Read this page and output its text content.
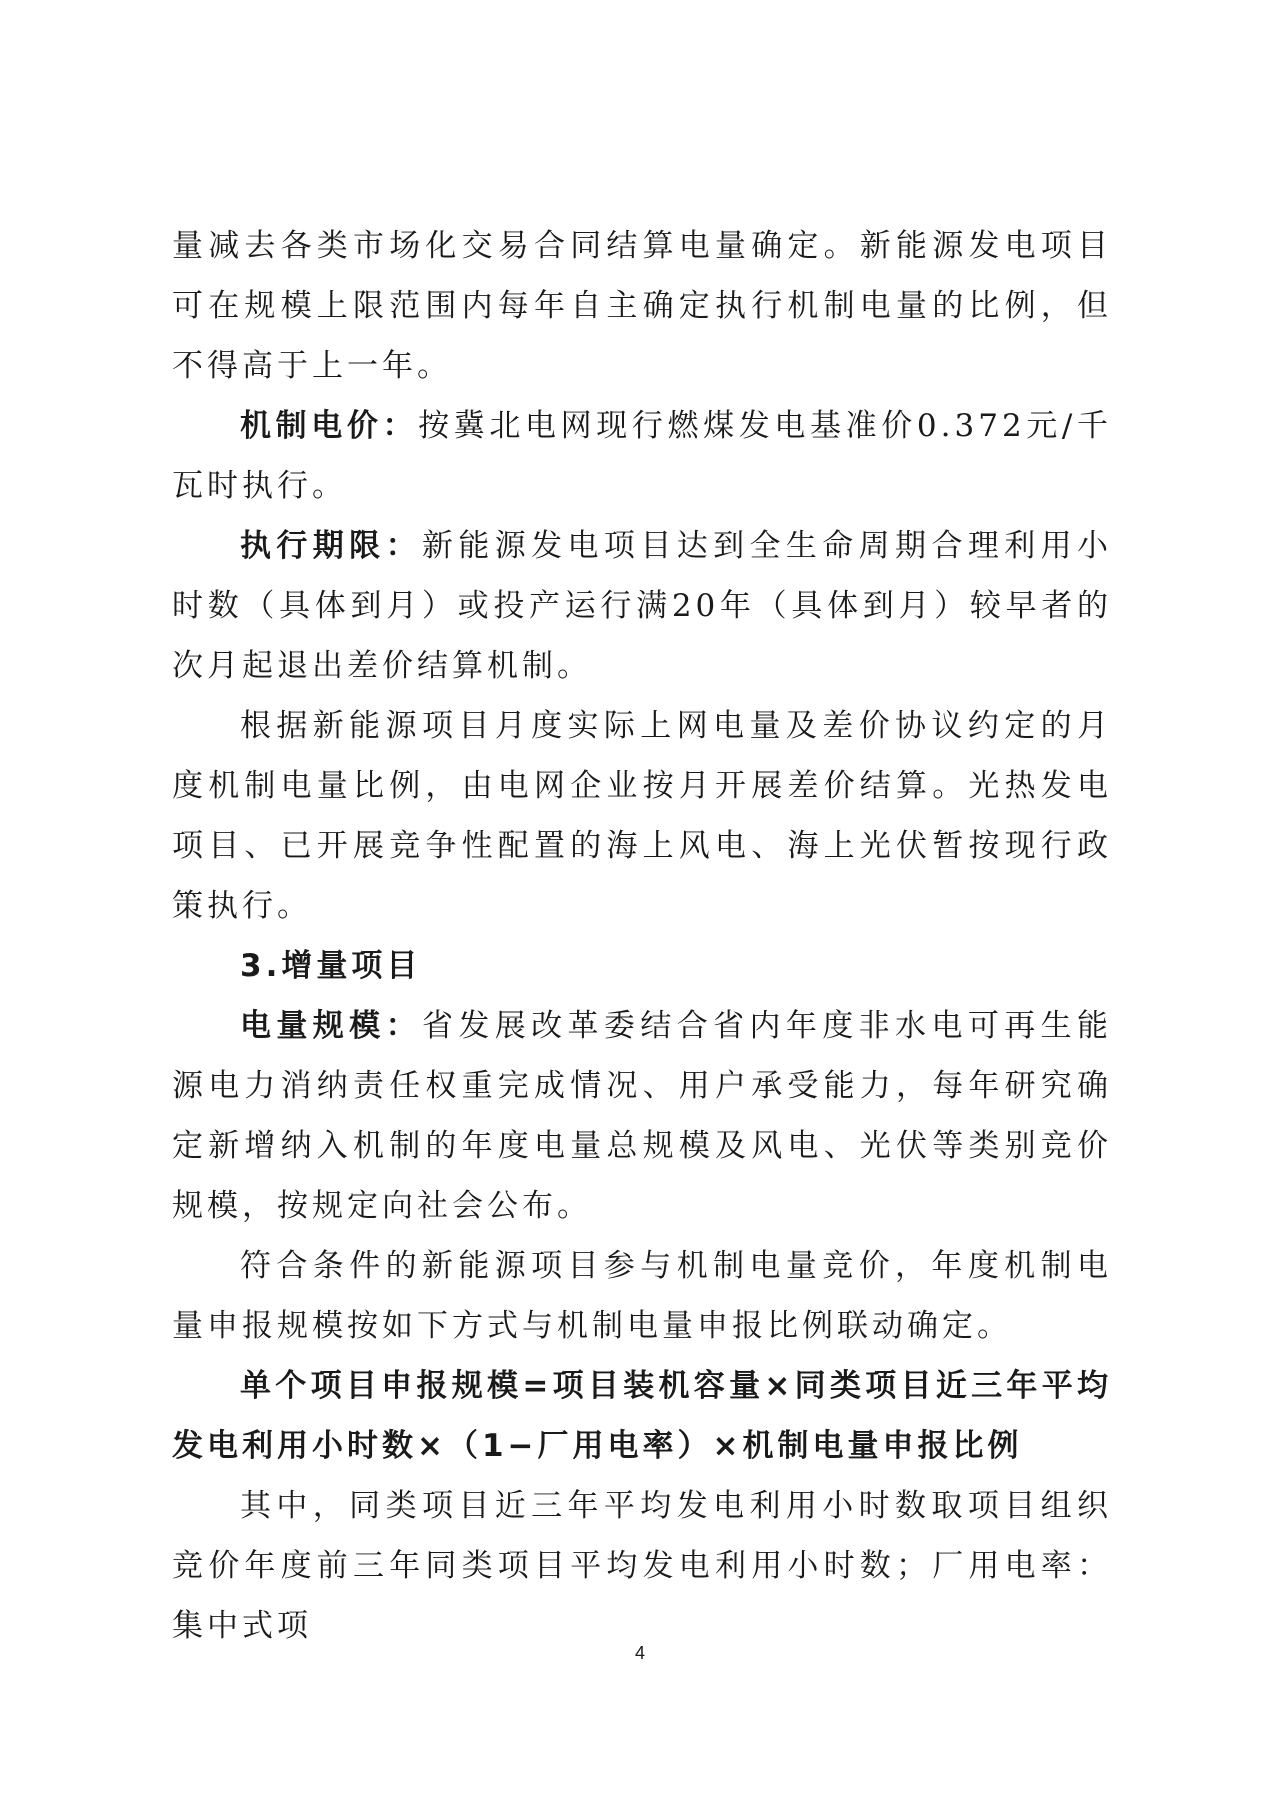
量减去各类市场化交易合同结算电量确定。新能源发电项目可在规模上限范围内每年自主确定执行机制电量的比例，但不得高于上一年。

机制电价：按冀北电网现行燃煤发电基准价0.372元/千瓦时执行。

执行期限：新能源发电项目达到全生命周期合理利用小时数（具体到月）或投产运行满20年（具体到月）较早者的次月起退出差价结算机制。

根据新能源项目月度实际上网电量及差价协议约定的月度机制电量比例，由电网企业按月开展差价结算。光热发电项目、已开展竞争性配置的海上风电、海上光伏暂按现行政策执行。

3.增量项目

电量规模：省发展改革委结合省内年度非水电可再生能源电力消纳责任权重完成情况、用户承受能力，每年研究确定新增纳入机制的年度电量总规模及风电、光伏等类别竞价规模，按规定向社会公布。

符合条件的新能源项目参与机制电量竞价，年度机制电量申报规模按如下方式与机制电量申报比例联动确定。

单个项目申报规模=项目装机容量×同类项目近三年平均发电利用小时数×（1−厂用电率）×机制电量申报比例

其中，同类项目近三年平均发电利用小时数取项目组织竞价年度前三年同类项目平均发电利用小时数；厂用电率：集中式项

4
